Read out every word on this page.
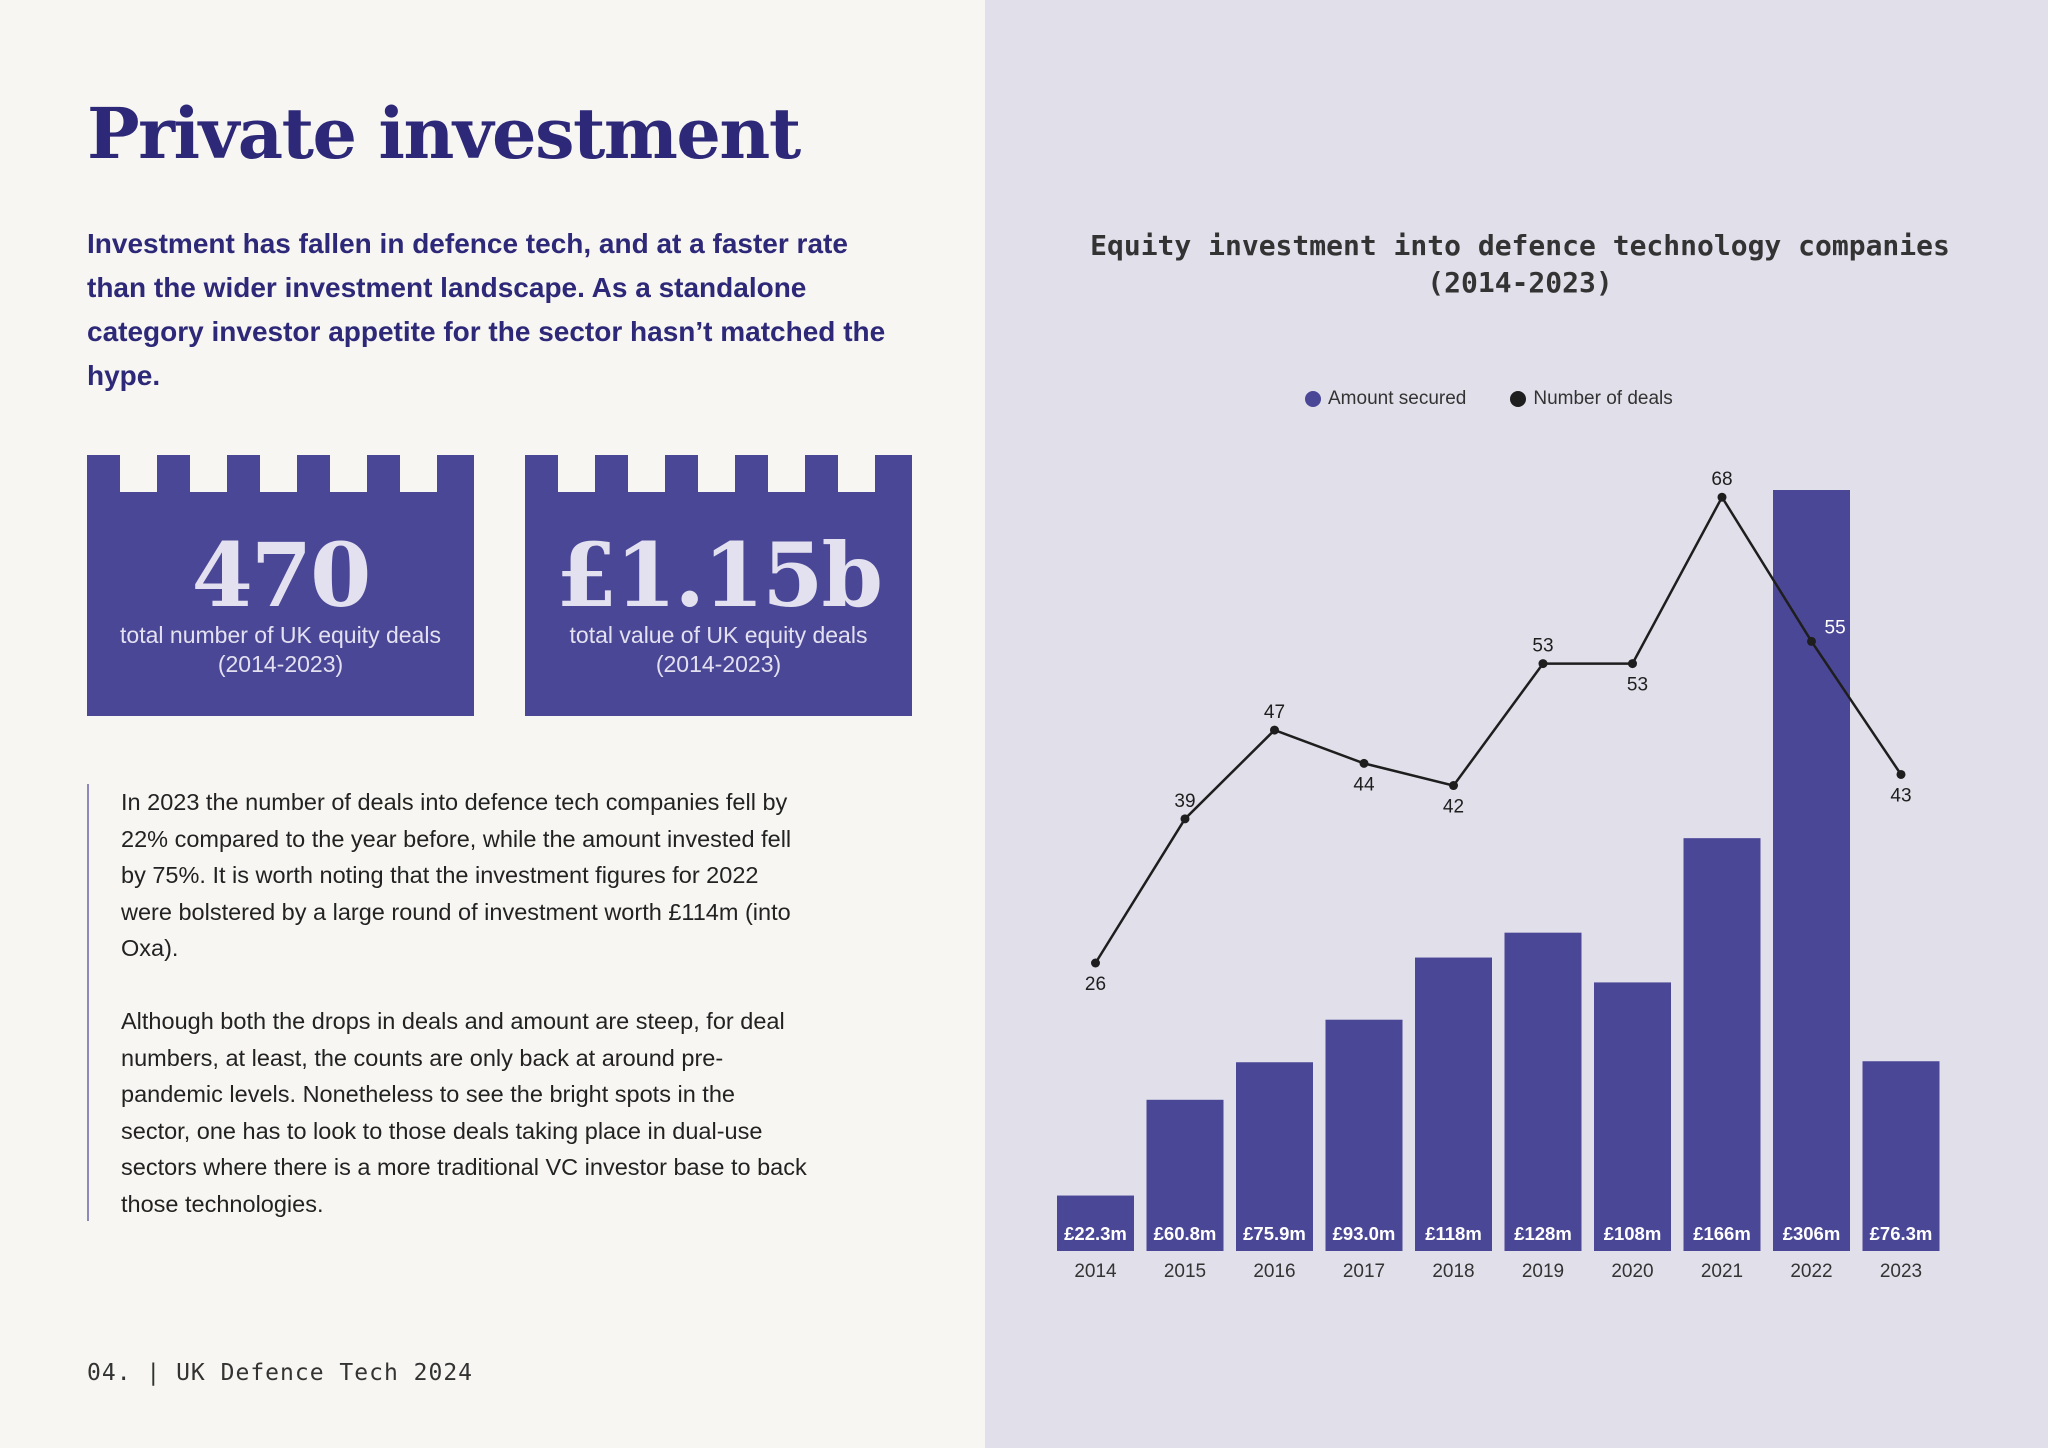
Private investment

Investment has fallen in defence tech, and at a faster rate than the wider investment landscape. As a standalone category investor appetite for the sector hasn’t matched the hype.

470
total number of UK equity deals (2014-2023)
£1.15b
total value of UK equity deals (2014-2023)

In 2023 the number of deals into defence tech companies fell by 22% compared to the year before, while the amount invested fell by 75%. It is worth noting that the investment figures for 2022 were bolstered by a large round of investment worth £114m (into Oxa).

Although both the drops in deals and amount are steep, for deal numbers, at least, the counts are only back at around pre-pandemic levels. Nonetheless to see the bright spots in the sector, one has to look to those deals taking place in dual-use sectors where there is a more traditional VC investor base to back those technologies.

04. | UK Defence Tech 2024

Equity investment into defence technology companies (2014-2023)
Amount secured	Number of deals
£22.3m £60.8m £75.9m £93.0m £118m £128m £108m £166m £306m £76.3m
2014 2015 2016 2017 2018 2019 2020 2021 2022 2023
26
39
47
44
42
53
53
68
55
43
